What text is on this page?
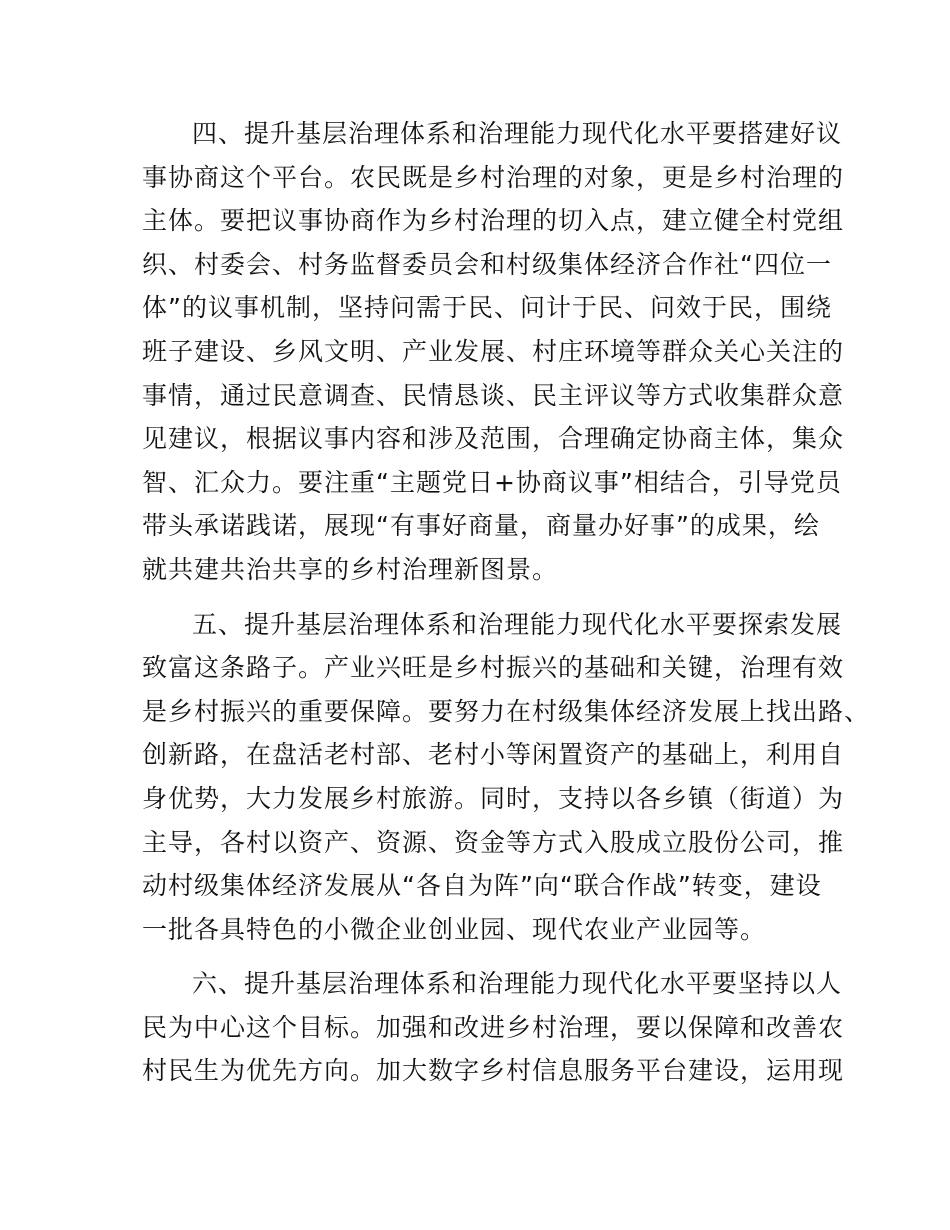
四、提升基层治理体系和治理能力现代化水平要搭建好议
事协商这个平台。农民既是乡村治理的对象，更是乡村治理的
主体。要把议事协商作为乡村治理的切入点，建立健全村党组
织、村委会、村务监督委员会和村级集体经济合作社“四位一
体”的议事机制，坚持问需于民、问计于民、问效于民，围绕
班子建设、乡风文明、产业发展、村庄环境等群众关心关注的
事情，通过民意调查、民情恳谈、民主评议等方式收集群众意
见建议，根据议事内容和涉及范围，合理确定协商主体，集众
智、汇众力。要注重“主题党日+协商议事”相结合，引导党员
带头承诺践诺，展现“有事好商量，商量办好事”的成果，绘
就共建共治共享的乡村治理新图景。
五、提升基层治理体系和治理能力现代化水平要探索发展
致富这条路子。产业兴旺是乡村振兴的基础和关键，治理有效
是乡村振兴的重要保障。要努力在村级集体经济发展上找出路、
创新路，在盘活老村部、老村小等闲置资产的基础上，利用自
身优势，大力发展乡村旅游。同时，支持以各乡镇（街道）为
主导，各村以资产、资源、资金等方式入股成立股份公司，推
动村级集体经济发展从“各自为阵”向“联合作战”转变，建设
一批各具特色的小微企业创业园、现代农业产业园等。
六、提升基层治理体系和治理能力现代化水平要坚持以人
民为中心这个目标。加强和改进乡村治理，要以保障和改善农
村民生为优先方向。加大数字乡村信息服务平台建设，运用现
